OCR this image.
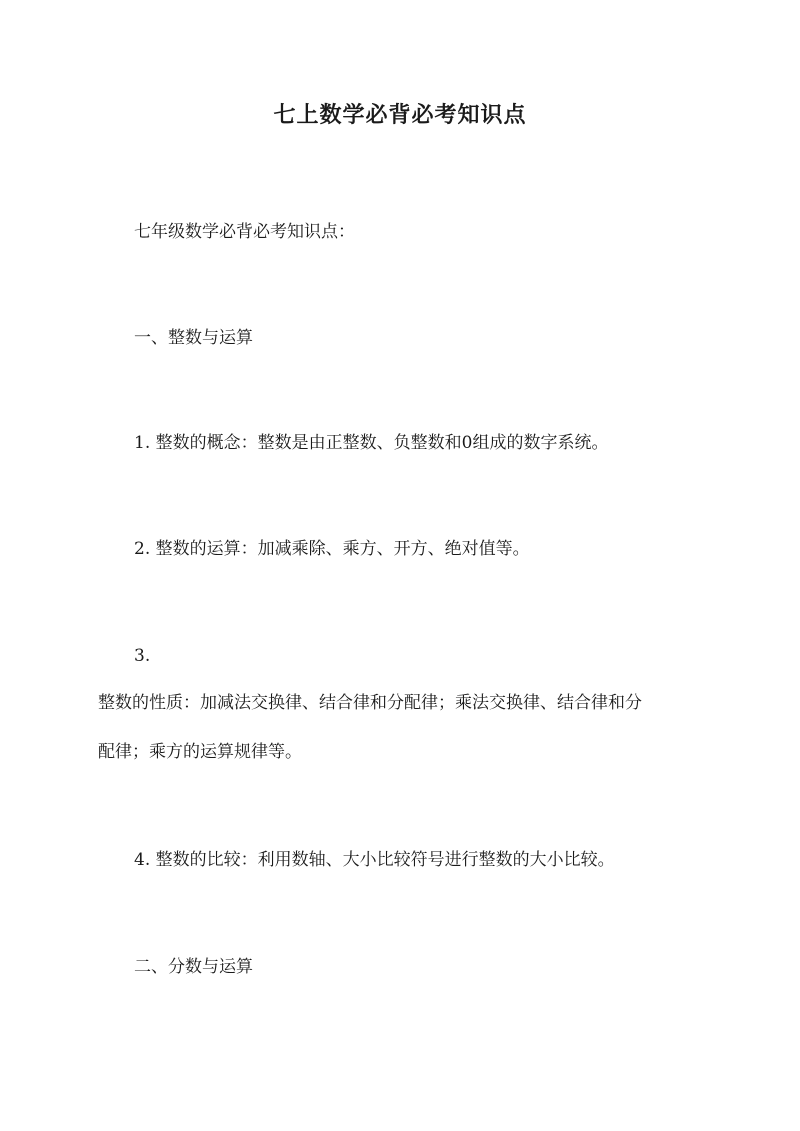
七上数学必背必考知识点

七年级数学必背必考知识点：

一、整数与运算

1. 整数的概念：整数是由正整数、负整数和0组成的数字系统。

2. 整数的运算：加减乘除、乘方、开方、绝对值等。

3.

整数的性质：加减法交换律、结合律和分配律；乘法交换律、结合律和分

配律；乘方的运算规律等。

4. 整数的比较：利用数轴、大小比较符号进行整数的大小比较。

二、分数与运算
